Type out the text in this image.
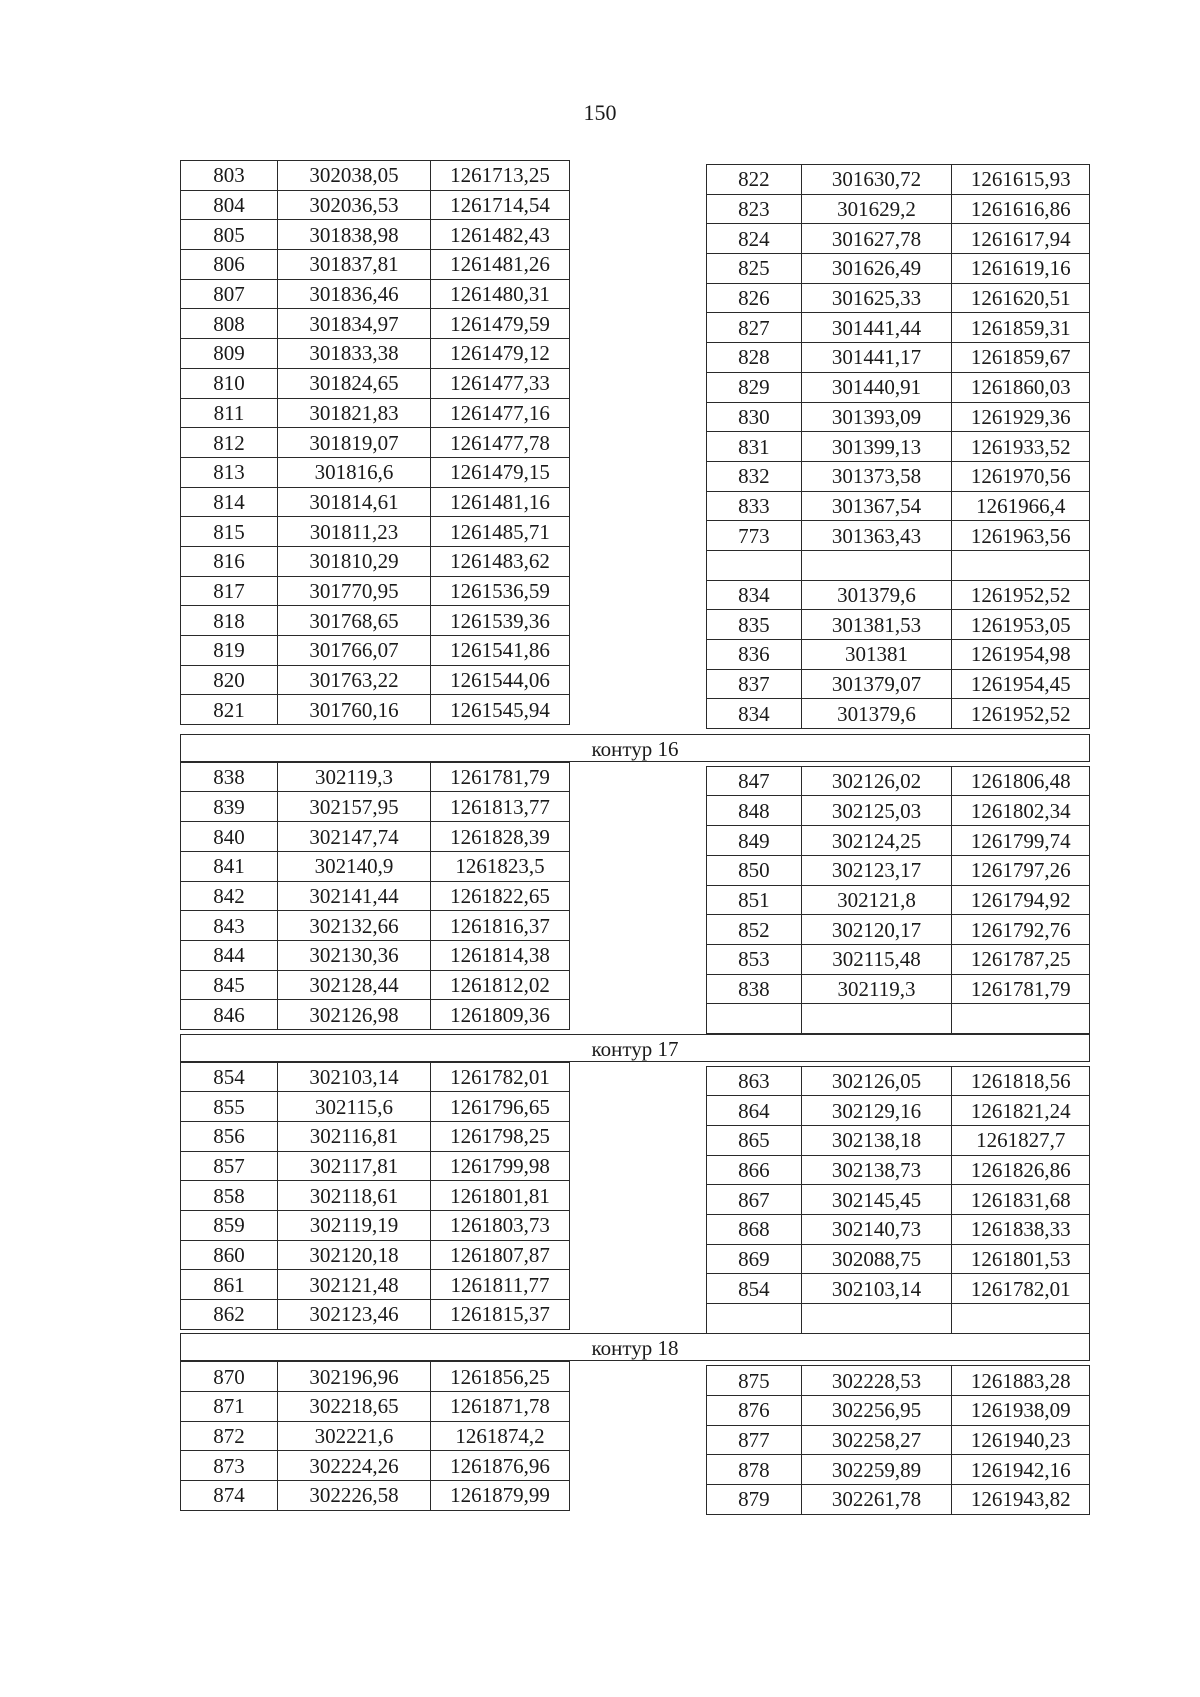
150
803	302038,05	1261713,25
804	302036,53	1261714,54
805	301838,98	1261482,43
806	301837,81	1261481,26
807	301836,46	1261480,31
808	301834,97	1261479,59
809	301833,38	1261479,12
810	301824,65	1261477,33
811	301821,83	1261477,16
812	301819,07	1261477,78
813	301816,6	1261479,15
814	301814,61	1261481,16
815	301811,23	1261485,71
816	301810,29	1261483,62
817	301770,95	1261536,59
818	301768,65	1261539,36
819	301766,07	1261541,86
820	301763,22	1261544,06
821	301760,16	1261545,94
822	301630,72	1261615,93
823	301629,2	1261616,86
824	301627,78	1261617,94
825	301626,49	1261619,16
826	301625,33	1261620,51
827	301441,44	1261859,31
828	301441,17	1261859,67
829	301440,91	1261860,03
830	301393,09	1261929,36
831	301399,13	1261933,52
832	301373,58	1261970,56
833	301367,54	1261966,4
773	301363,43	1261963,56

834	301379,6	1261952,52
835	301381,53	1261953,05
836	301381	1261954,98
837	301379,07	1261954,45
834	301379,6	1261952,52
контур 16
838	302119,3	1261781,79
839	302157,95	1261813,77
840	302147,74	1261828,39
841	302140,9	1261823,5
842	302141,44	1261822,65
843	302132,66	1261816,37
844	302130,36	1261814,38
845	302128,44	1261812,02
846	302126,98	1261809,36
847	302126,02	1261806,48
848	302125,03	1261802,34
849	302124,25	1261799,74
850	302123,17	1261797,26
851	302121,8	1261794,92
852	302120,17	1261792,76
853	302115,48	1261787,25
838	302119,3	1261781,79

контур 17
854	302103,14	1261782,01
855	302115,6	1261796,65
856	302116,81	1261798,25
857	302117,81	1261799,98
858	302118,61	1261801,81
859	302119,19	1261803,73
860	302120,18	1261807,87
861	302121,48	1261811,77
862	302123,46	1261815,37
863	302126,05	1261818,56
864	302129,16	1261821,24
865	302138,18	1261827,7
866	302138,73	1261826,86
867	302145,45	1261831,68
868	302140,73	1261838,33
869	302088,75	1261801,53
854	302103,14	1261782,01

контур 18
870	302196,96	1261856,25
871	302218,65	1261871,78
872	302221,6	1261874,2
873	302224,26	1261876,96
874	302226,58	1261879,99
875	302228,53	1261883,28
876	302256,95	1261938,09
877	302258,27	1261940,23
878	302259,89	1261942,16
879	302261,78	1261943,82
